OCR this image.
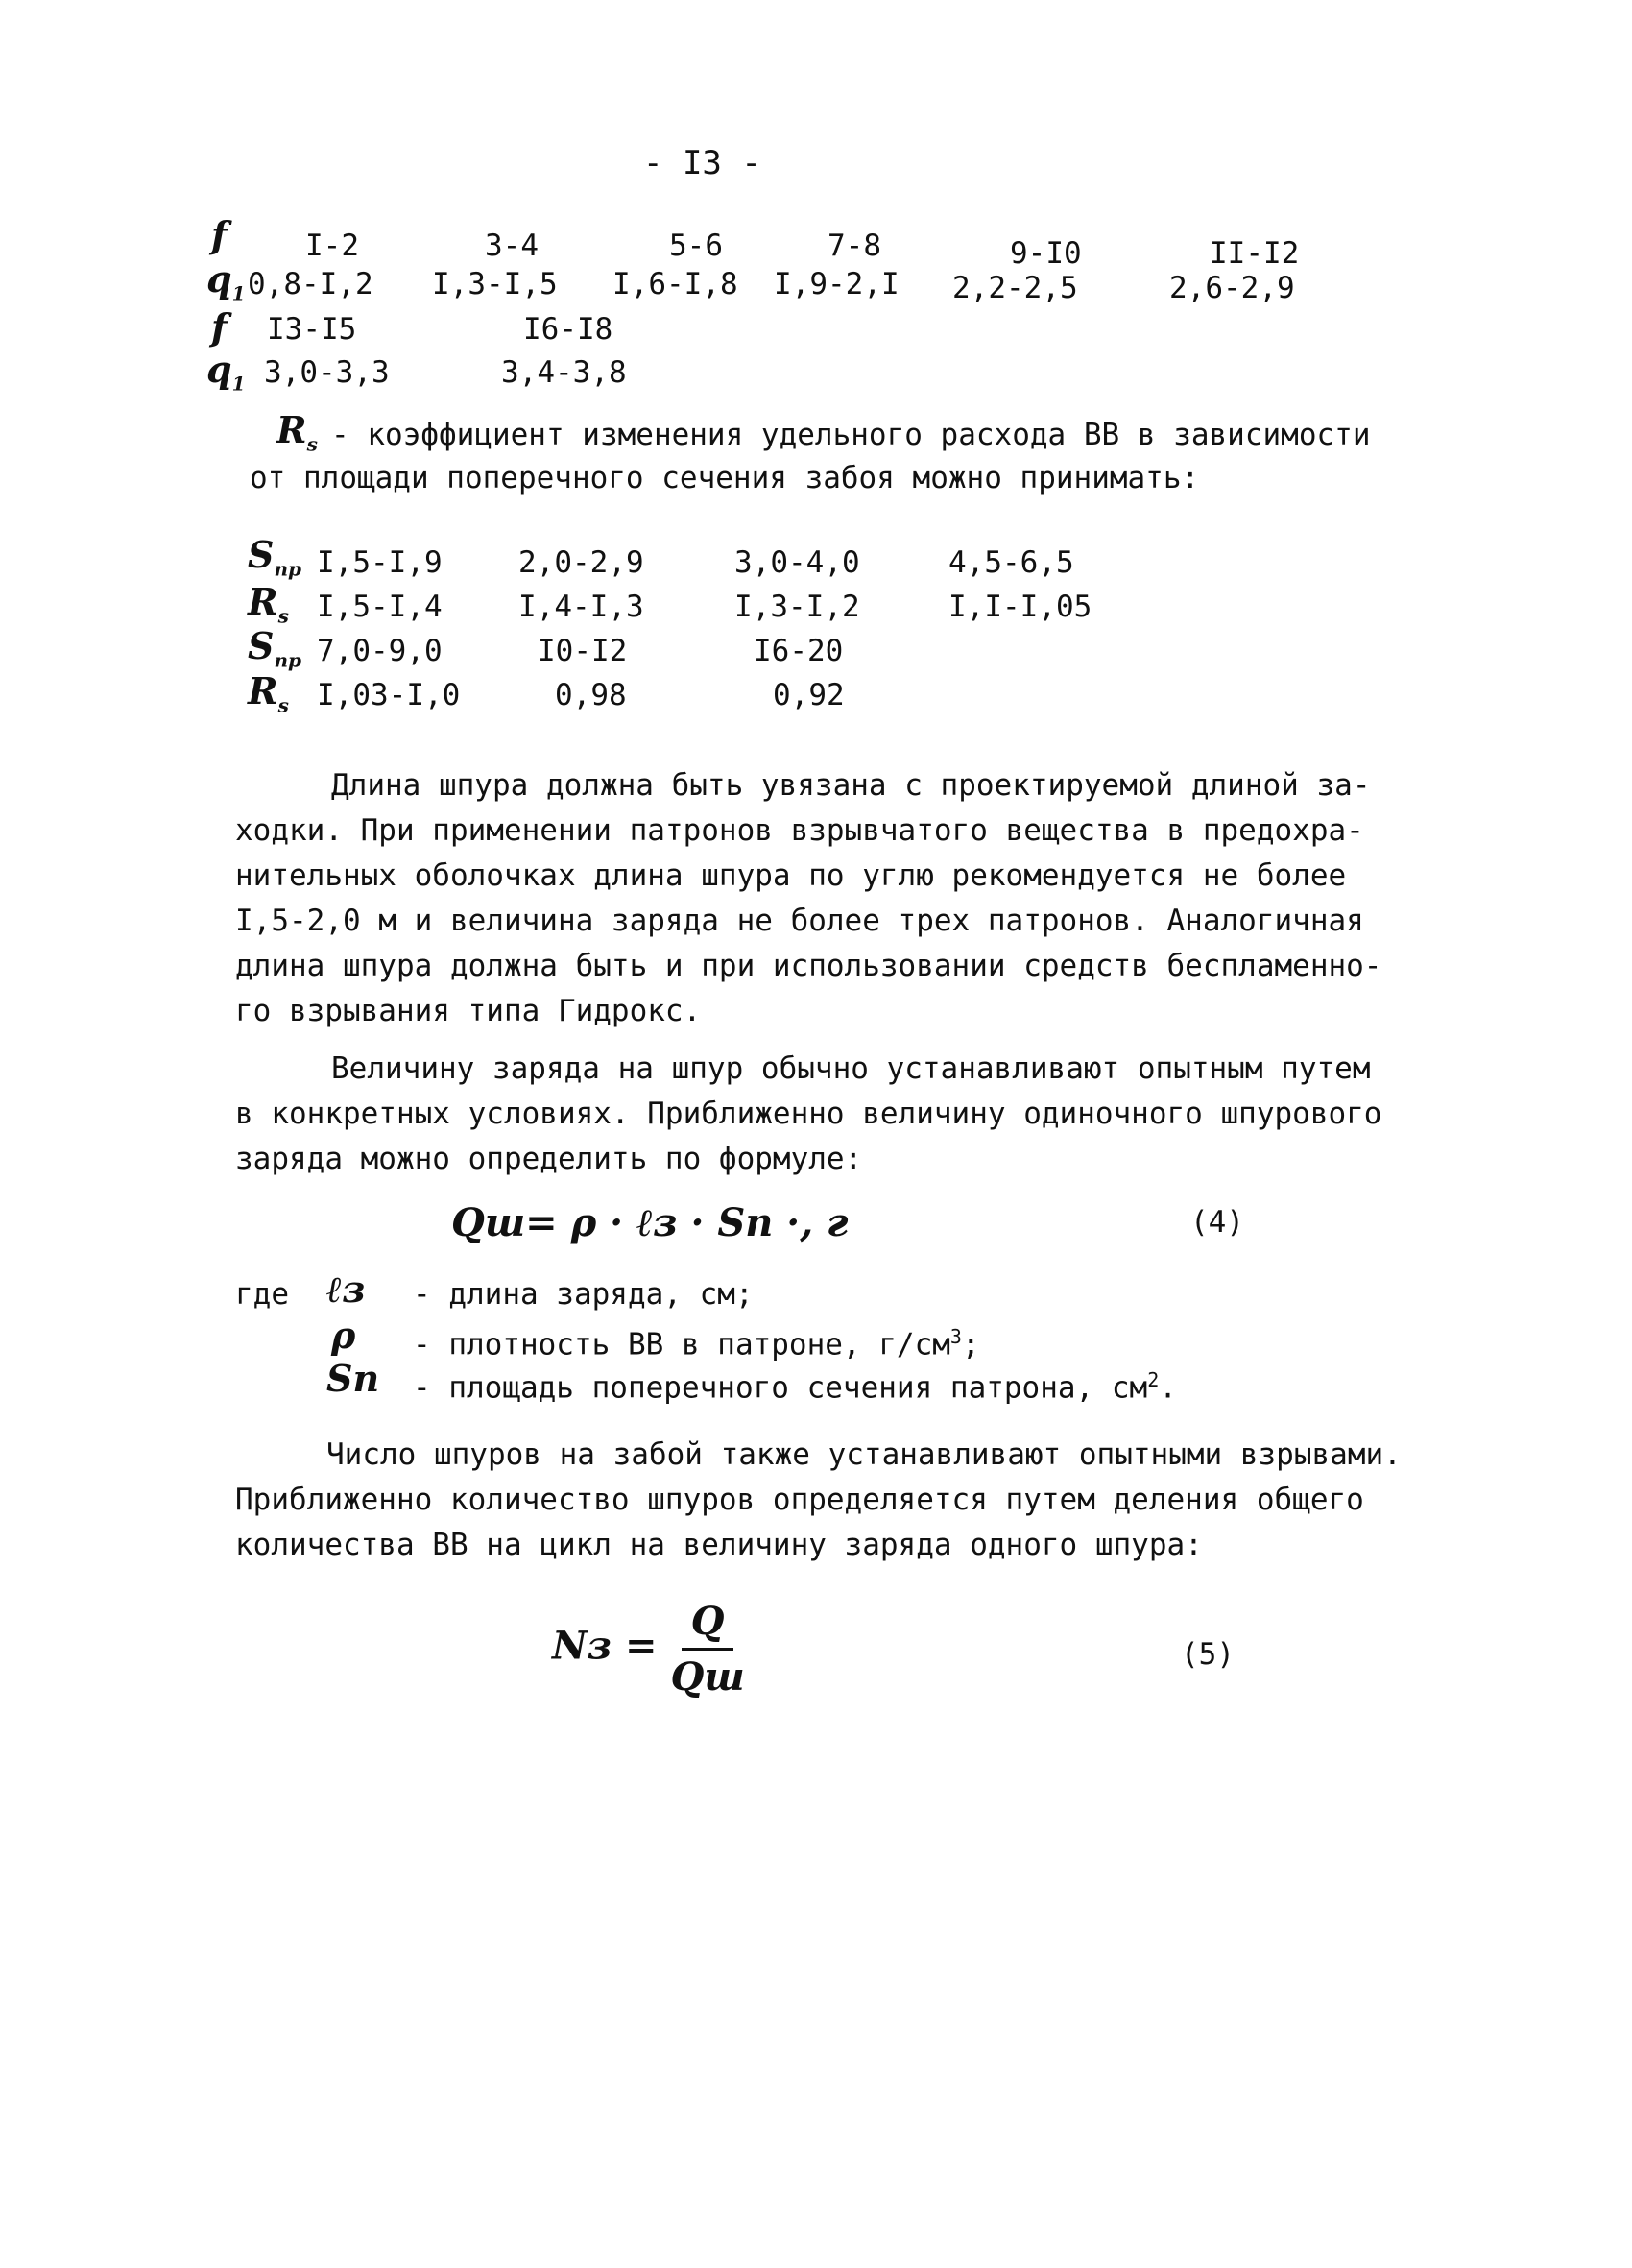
- I3 -
f	I-2	3-4	5-6	7-8	9-I0	II-I2
$q_1$ 0,8-I,2 I,3-I,5 I,6-I,8 I,9-2,I 2,2-2,5	2,6-2,9
f I3-I5	I6-I8
$q_1$ 3,0-3,3	3,4-3,8
$R_s$ - коэффициент изменения удельного расхода ВВ в зависимости
от площади поперечного сечения забоя можно принимать:
$S_{пр}$ I,5-I,9	2,0-2,9	3,0-4,0	4,5-6,5
$R_s$ I,5-I,4	I,4-I,3	I,3-I,2	I,I-I,05
$S_{пр}$ 7,0-9,0	I0-I2	I6-20
$R_s$ I,03-I,0	0,98	0,92
Длина шпура должна быть увязана с проектируемой длиной за-
ходки. При применении патронов взрывчатого вещества в предохра-
нительных оболочках длина шпура по углю рекомендуется не более
I,5-2,0 м и величина заряда не более трех патронов. Аналогичная
длина шпура должна быть и при использовании средств беспламенно-
го взрывания типа Гидрокс.
Величину заряда на шпур обычно устанавливают опытным путем
в конкретных условиях. Приближенно величину одиночного шпурового
заряда можно определить по формуле:
Qш= ρ · ℓз · Sп ·, г	(4)
где ℓз - длина заряда, см;
ρ - плотность ВВ в патроне, $г/см^3$;
Sп - площадь поперечного сечения патрона, $см^2$.
Число шпуров на забой также устанавливают опытными взрывами.
Приближенно количество шпуров определяется путем деления общего
количества ВВ на цикл на величину заряда одного шпура:
Nз = $\frac{Q}{Qш}$	(5)
